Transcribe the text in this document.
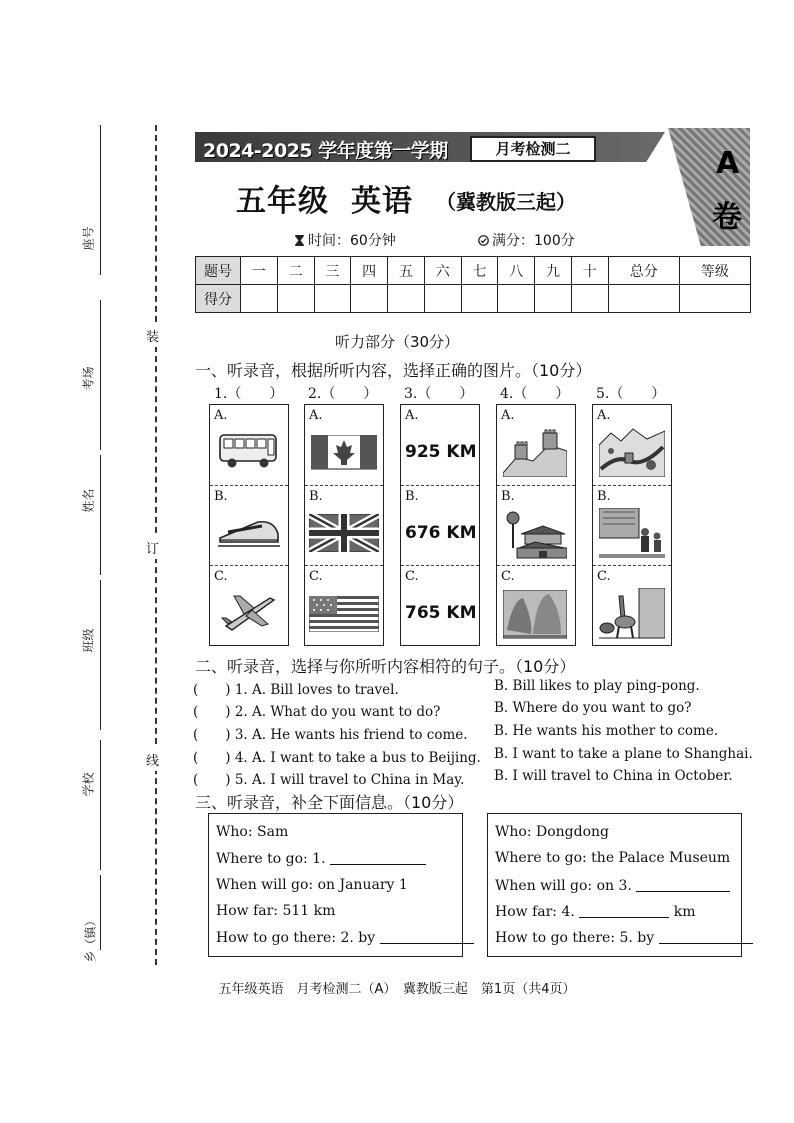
座号
考场
姓名
班级
学校
乡（镇）
装
订
线
2024-2025 学年度第一学期	月考检测二	A
卷
五年级 英语 （冀教版三起）
时间：60分钟	满分：100分
题号	一	二	三	四	五	六	七	八	九	十	总分	等级
得分												
听力部分（30分）
一、听录音，根据所听内容，选择正确的图片。（10分）
1.（　　） 2.（　　） 3.（　　） 4.（　　） 5.（　　）
A.
B.
C.
A.
B.
C.
A.
925 KM
B.
676 KM
C.
765 KM
A.
B.
C.
A.
B.
C.
二、听录音，选择与你所听内容相符的句子。（10分）
(　　) 1. A. Bill loves to travel.	B. Bill likes to play ping-pong.
(　　) 2. A. What do you want to do?	B. Where do you want to go?
(　　) 3. A. He wants his friend to come. B. He wants his mother to come.
(　　) 4. A. I want to take a bus to Beijing. B. I want to take a plane to Shanghai.
(　　) 5. A. I will travel to China in May. B. I will travel to China in October.
三、听录音，补全下面信息。（10分）
Who: Sam
Where to go: 1.
When will go: on January 1
How far: 511 km
How to go there: 2. by
Who: Dongdong
Where to go: the Palace Museum
When will go: on 3.
How far: 4.	km
How to go there: 5. by
五年级英语　月考检测二（A）　冀教版三起　第1页（共4页）
